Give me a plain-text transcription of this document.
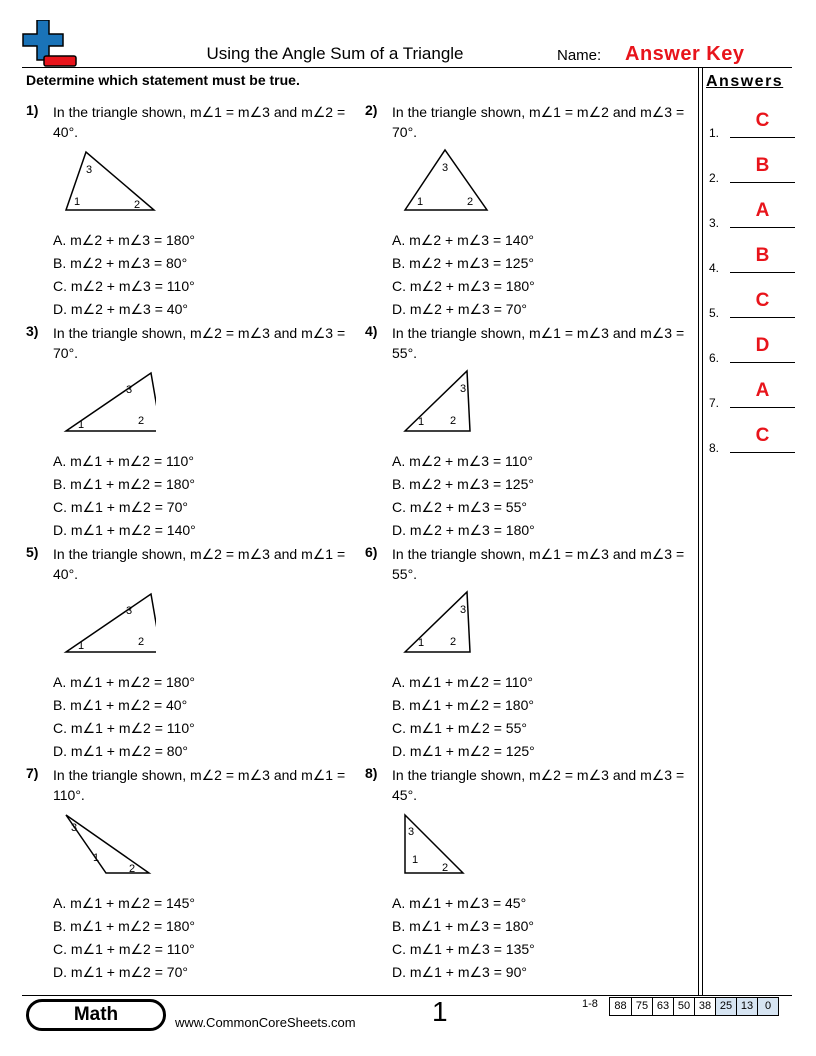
Using the Angle Sum of a Triangle	Name: Answer Key
Determine which statement must be true.	Answers
1.
C
2.
B
3.
A
4.
B
5.
C
6.
D
7.
A
8.
C
1) In the triangle shown, m∠1 = m∠3 and m∠2 = 40°.
1	2
3
A. m∠2 + m∠3 = 180°
B. m∠2 + m∠3 = 80°
C. m∠2 + m∠3 = 110°
D. m∠2 + m∠3 = 40°
2) In the triangle shown, m∠1 = m∠2 and m∠3 = 70°.
1	2
3
A. m∠2 + m∠3 = 140°
B. m∠2 + m∠3 = 125°
C. m∠2 + m∠3 = 180°
D. m∠2 + m∠3 = 70°
3) In the triangle shown, m∠2 = m∠3 and m∠3 = 70°.
1	2
3
A. m∠1 + m∠2 = 110°
B. m∠1 + m∠2 = 180°
C. m∠1 + m∠2 = 70°
D. m∠1 + m∠2 = 140°
4) In the triangle shown, m∠1 = m∠3 and m∠3 = 55°.
1 2
3
A. m∠2 + m∠3 = 110°
B. m∠2 + m∠3 = 125°
C. m∠2 + m∠3 = 55°
D. m∠2 + m∠3 = 180°
5) In the triangle shown, m∠2 = m∠3 and m∠1 = 40°.
1	2
3
A. m∠1 + m∠2 = 180°
B. m∠1 + m∠2 = 40°
C. m∠1 + m∠2 = 110°
D. m∠1 + m∠2 = 80°
6) In the triangle shown, m∠1 = m∠3 and m∠3 = 55°.
1 2
3
A. m∠1 + m∠2 = 110°
B. m∠1 + m∠2 = 180°
C. m∠1 + m∠2 = 55°
D. m∠1 + m∠2 = 125°
7) In the triangle shown, m∠2 = m∠3 and m∠1 = 110°.
1
2
3
A. m∠1 + m∠2 = 145°
B. m∠1 + m∠2 = 180°
C. m∠1 + m∠2 = 110°
D. m∠1 + m∠2 = 70°
8) In the triangle shown, m∠2 = m∠3 and m∠3 = 45°.
1
2
3
A. m∠1 + m∠3 = 45°
B. m∠1 + m∠3 = 180°
C. m∠1 + m∠3 = 135°
D. m∠1 + m∠3 = 90°
Math	www.CommonCoreSheets.com	1	1-8	88 75 63 50 38 25 13	0
